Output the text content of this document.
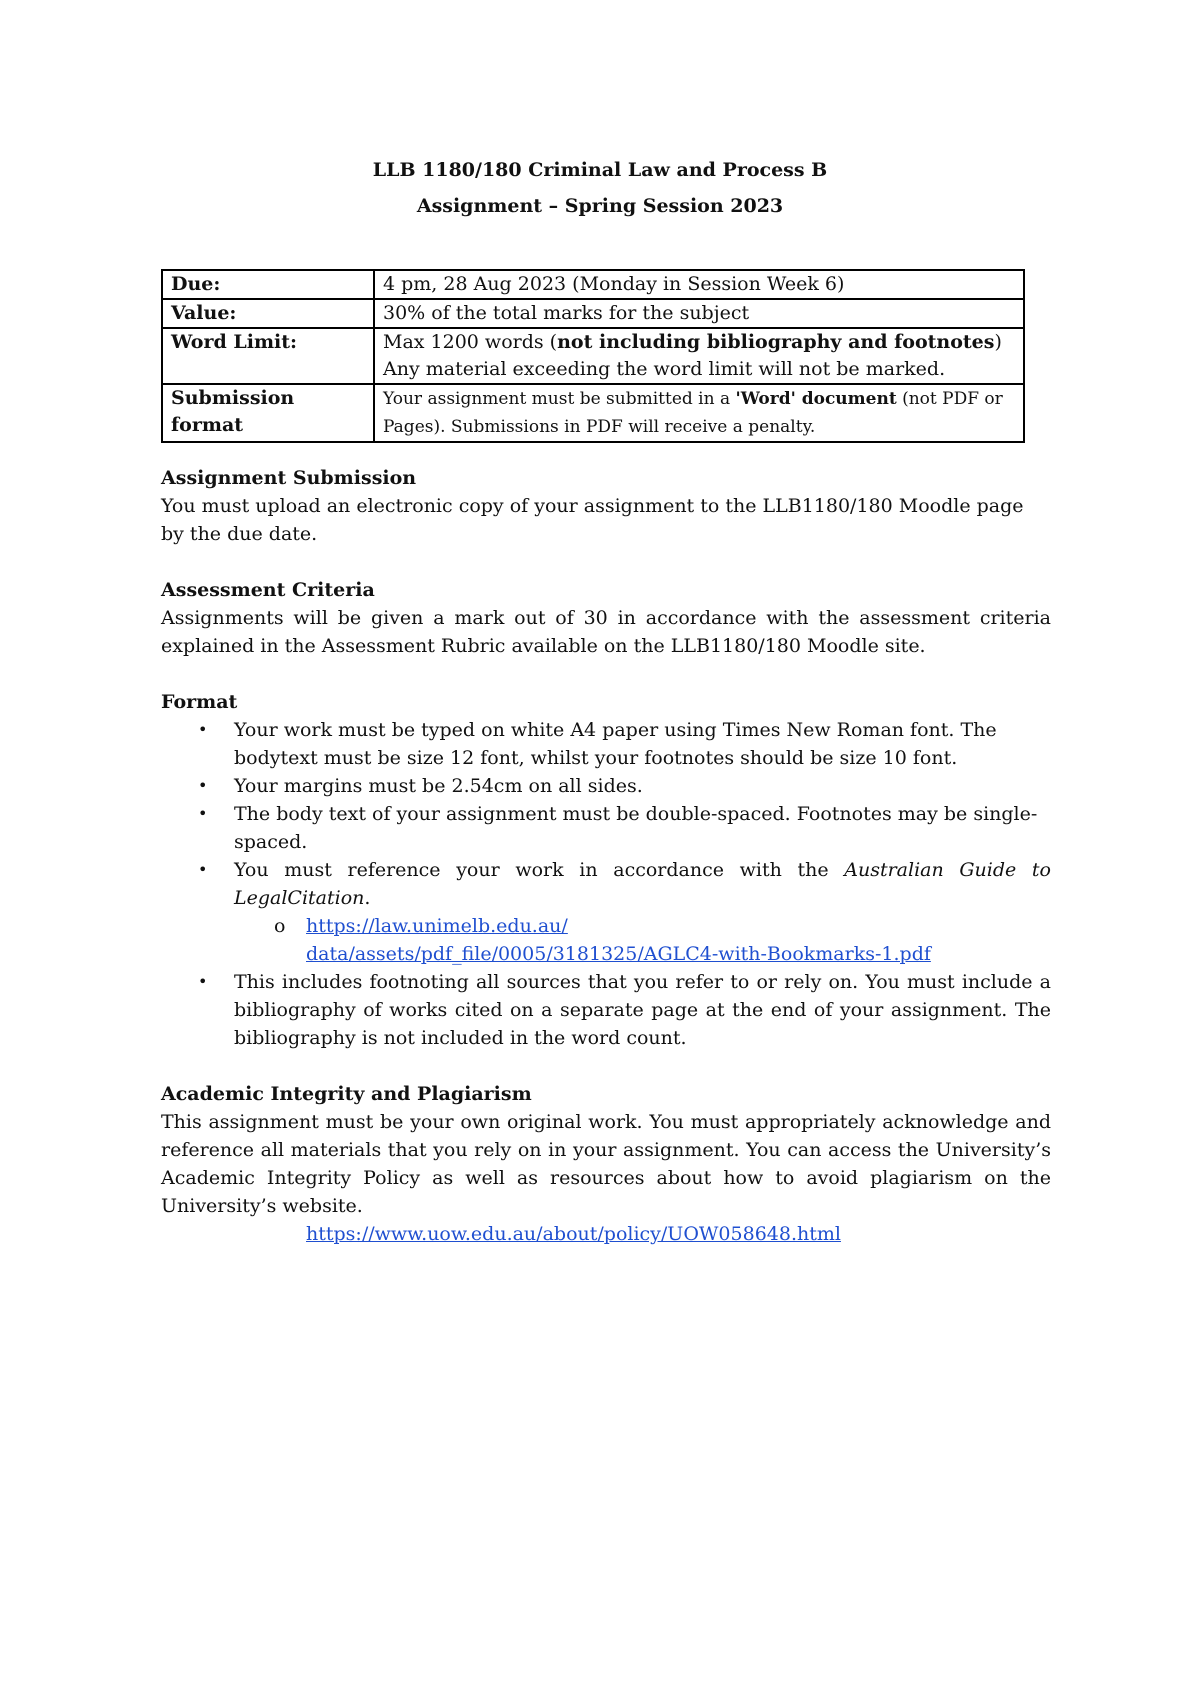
LLB 1180/180 Criminal Law and Process B
Assignment – Spring Session 2023
Due:	4 pm, 28 Aug 2023 (Monday in Session Week 6)
Value:	30% of the total marks for the subject
Word Limit:	Max 1200 words (not including bibliography and footnotes)
Any material exceeding the word limit will not be marked.
Submission format	Your assignment must be submitted in a 'Word' document (not PDF or Pages). Submissions in PDF will receive a penalty.
Assignment Submission

You must upload an electronic copy of your assignment to the LLB1180/180 Moodle page by the due date.

Assessment Criteria

Assignments will be given a mark out of 30 in accordance with the assessment criteria explained in the Assessment Rubric available on the LLB1180/180 Moodle site.

Format
• Your work must be typed on white A4 paper using Times New Roman font. The bodytext must be size 12 font, whilst your footnotes should be size 10 font.
• Your margins must be 2.54cm on all sides.
• The body text of your assignment must be double-spaced. Footnotes may be single-spaced.
• You must reference your work in accordance with the Australian Guide to LegalCitation.
o https://law.unimelb.edu.au/
data/assets/pdf_file/0005/3181325/AGLC4-with-Bookmarks-1.pdf
• This includes footnoting all sources that you refer to or rely on. You must include a bibliography of works cited on a separate page at the end of your assignment. The bibliography is not included in the word count.
Academic Integrity and Plagiarism

This assignment must be your own original work. You must appropriately acknowledge and reference all materials that you rely on in your assignment. You can access the University’s Academic Integrity Policy as well as resources about how to avoid plagiarism on the University’s website.

https://www.uow.edu.au/about/policy/UOW058648.html
